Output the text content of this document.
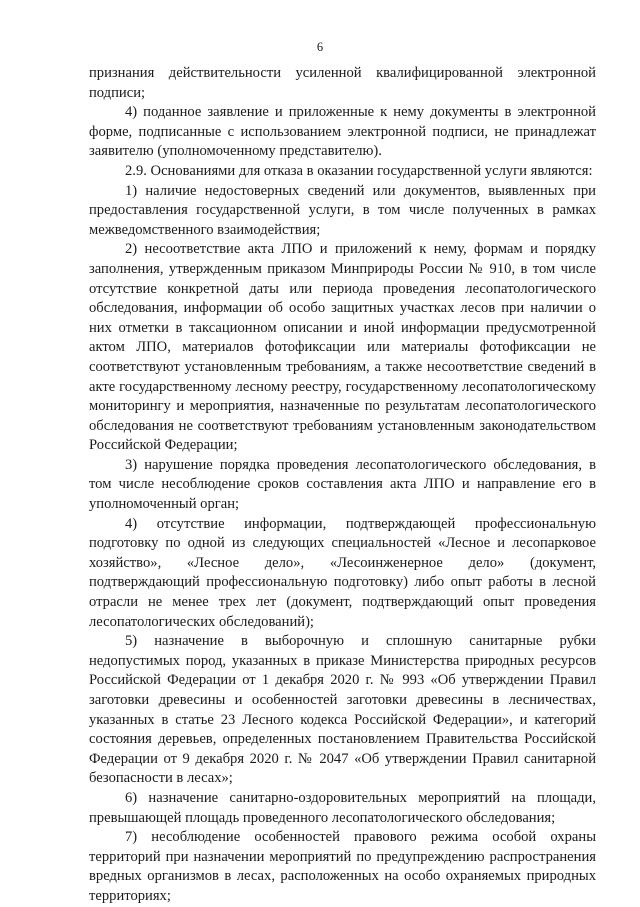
6

признания действительности усиленной квалифицированной электронной подписи;

4) поданное заявление и приложенные к нему документы в электронной форме, подписанные с использованием электронной подписи, не принадлежат заявителю (уполномоченному представителю).

2.9. Основаниями для отказа в оказании государственной услуги являются:

1) наличие недостоверных сведений или документов, выявленных при предоставления государственной услуги, в том числе полученных в рамках межведомственного взаимодействия;

2) несоответствие акта ЛПО и приложений к нему, формам и порядку заполнения, утвержденным приказом Минприроды России № 910, в том числе отсутствие конкретной даты или периода проведения лесопатологического обследования, информации об особо защитных участках лесов при наличии о них отметки в таксационном описании и иной информации предусмотренной актом ЛПО, материалов фотофиксации или материалы фотофиксации не соответствуют установленным требованиям, а также несоответствие сведений в акте государственному лесному реестру, государственному лесопатологическому мониторингу и мероприятия, назначенные по результатам лесопатологического обследования не соответствуют требованиям установленным законодательством Российской Федерации;

3) нарушение порядка проведения лесопатологического обследования, в том числе несоблюдение сроков составления акта ЛПО и направление его в уполномоченный орган;

4) отсутствие информации, подтверждающей профессиональную подготовку по одной из следующих специальностей «Лесное и лесопарковое хозяйство», «Лесное дело», «Лесоинженерное дело» (документ, подтверждающий профессиональную подготовку) либо опыт работы в лесной отрасли не менее трех лет (документ, подтверждающий опыт проведения лесопатологических обследований);

5) назначение в выборочную и сплошную санитарные рубки недопустимых пород, указанных в приказе Министерства природных ресурсов Российской Федерации от 1 декабря 2020 г. № 993 «Об утверждении Правил заготовки древесины и особенностей заготовки древесины в лесничествах, указанных в статье 23 Лесного кодекса Российской Федерации», и категорий состояния деревьев, определенных постановлением Правительства Российской Федерации от 9 декабря 2020 г. № 2047 «Об утверждении Правил санитарной безопасности в лесах»;

6) назначение санитарно-оздоровительных мероприятий на площади, превышающей площадь проведенного лесопатологического обследования;

7) несоблюдение особенностей правового режима особой охраны территорий при назначении мероприятий по предупреждению распространения вредных организмов в лесах, расположенных на особо охраняемых природных территориях;
